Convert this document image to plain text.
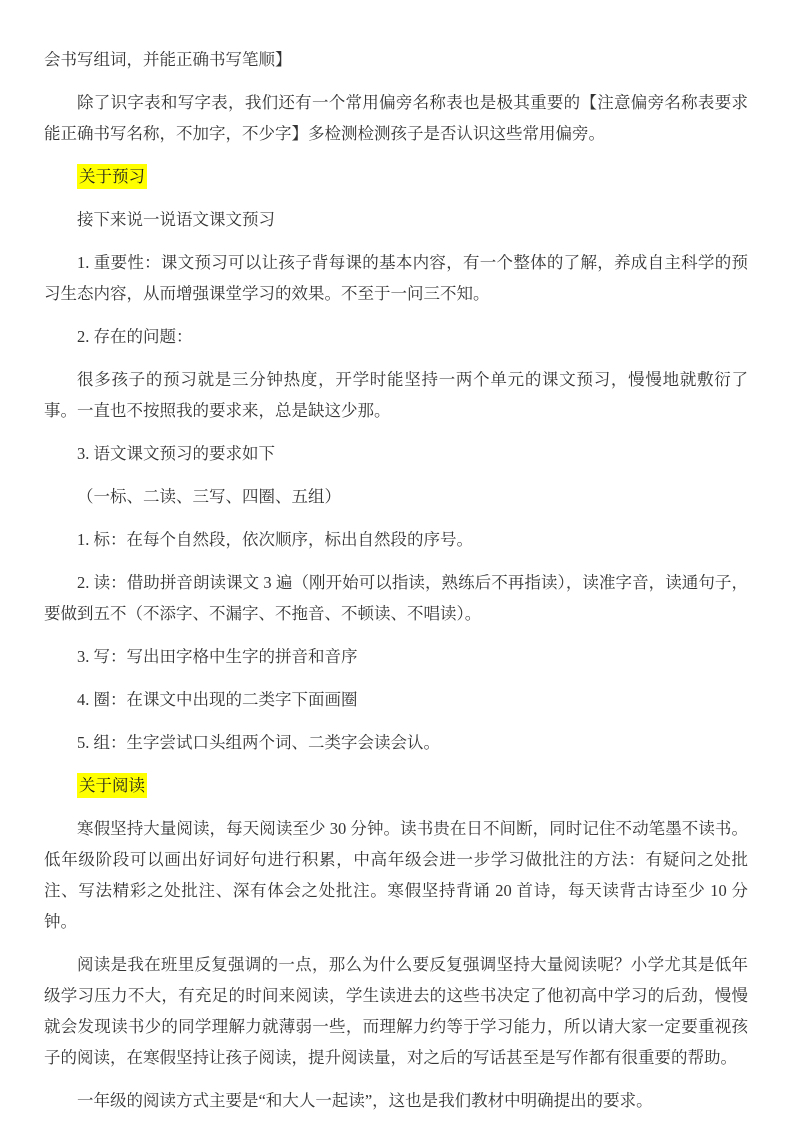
会书写组词，并能正确书写笔顺】

除了识字表和写字表，我们还有一个常用偏旁名称表也是极其重要的【注意偏旁名称表要求能正确书写名称，不加字，不少字】多检测检测孩子是否认识这些常用偏旁。

关于预习

接下来说一说语文课文预习

1. 重要性：课文预习可以让孩子背每课的基本内容，有一个整体的了解，养成自主科学的预习生态内容，从而增强课堂学习的效果。不至于一问三不知。

2. 存在的问题：

很多孩子的预习就是三分钟热度，开学时能坚持一两个单元的课文预习，慢慢地就敷衍了事。一直也不按照我的要求来，总是缺这少那。

3. 语文课文预习的要求如下

（一标、二读、三写、四圈、五组）

1. 标：在每个自然段，依次顺序，标出自然段的序号。

2. 读：借助拼音朗读课文 3 遍（刚开始可以指读，熟练后不再指读），读准字音，读通句子，要做到五不（不添字、不漏字、不拖音、不顿读、不唱读）。

3. 写：写出田字格中生字的拼音和音序

4. 圈：在课文中出现的二类字下面画圈

5. 组：生字尝试口头组两个词、二类字会读会认。

关于阅读

寒假坚持大量阅读，每天阅读至少 30 分钟。读书贵在日不间断，同时记住不动笔墨不读书。低年级阶段可以画出好词好句进行积累，中高年级会进一步学习做批注的方法：有疑问之处批注、写法精彩之处批注、深有体会之处批注。寒假坚持背诵 20 首诗，每天读背古诗至少 10 分钟。

阅读是我在班里反复强调的一点，那么为什么要反复强调坚持大量阅读呢？小学尤其是低年级学习压力不大，有充足的时间来阅读，学生读进去的这些书决定了他初高中学习的后劲，慢慢就会发现读书少的同学理解力就薄弱一些，而理解力约等于学习能力，所以请大家一定要重视孩子的阅读，在寒假坚持让孩子阅读，提升阅读量，对之后的写话甚至是写作都有很重要的帮助。

一年级的阅读方式主要是“和大人一起读”，这也是我们教材中明确提出的要求。
